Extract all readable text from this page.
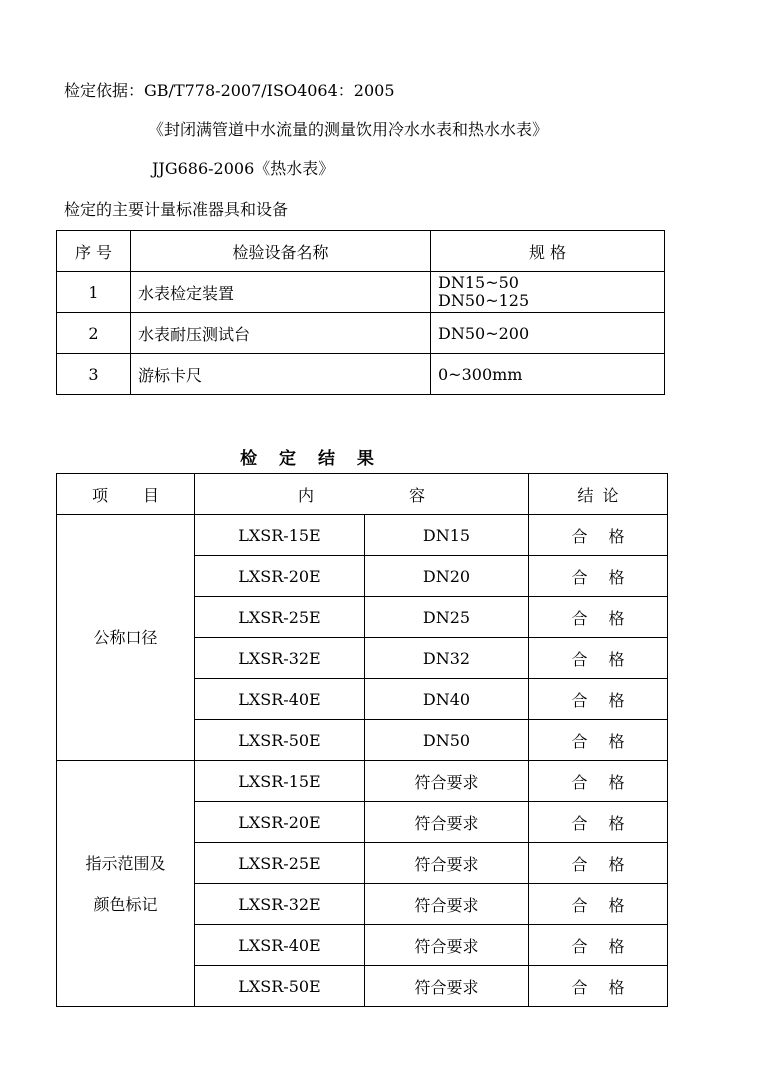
检定依据：GB/T778-2007/ISO4064：2005
《封闭满管道中水流量的测量饮用冷水水表和热水水表》
JJG686-2006《热水表》
检定的主要计量标准器具和设备
序 号	检验设备名称	规 格
1	水表检定装置	DN15~50
DN50~125

2	水表耐压测试台	DN50~200
3	游标卡尺	0~300mm
检 定 结 果
项 目	内 容		结 论

公称口径	LXSR-15E	DN15	合 格
	LXSR-20E	DN20	合 格
	LXSR-25E	DN25	合 格
	LXSR-32E	DN32	合 格
	LXSR-40E	DN40	合 格
	LXSR-50E	DN50	合 格

指示范围及
颜色标记	LXSR-15E	符合要求	合 格
	LXSR-20E	符合要求	合 格
	LXSR-25E	符合要求	合 格
	LXSR-32E	符合要求	合 格
	LXSR-40E	符合要求	合 格
	LXSR-50E	符合要求	合 格
